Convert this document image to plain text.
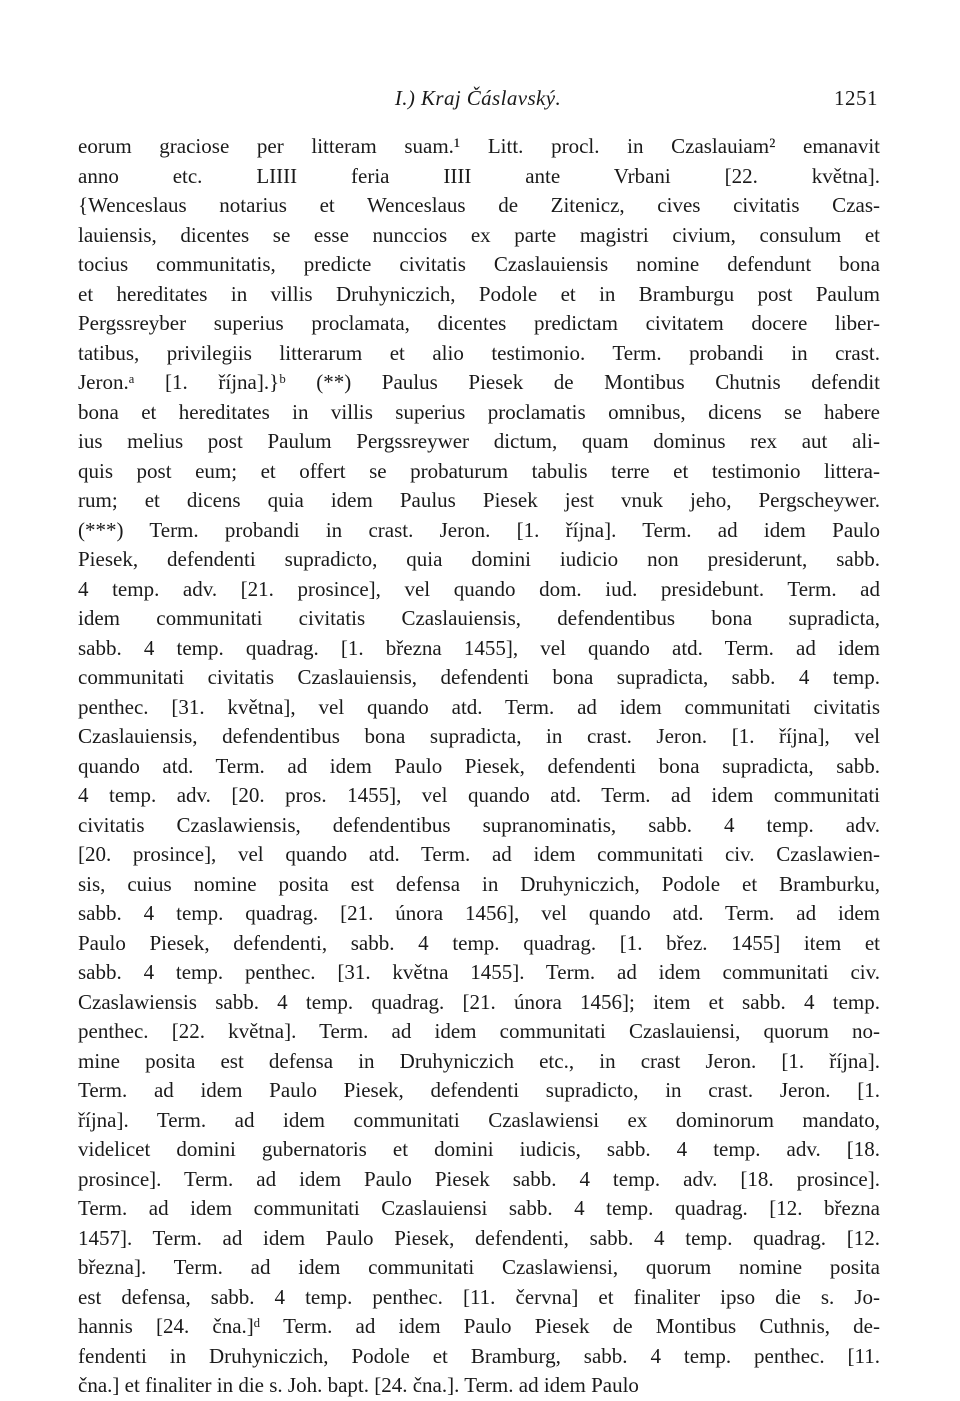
I.) Kraj Čáslavský.	1251
eorum graciose per litteram suam.¹ Litt. procl. in Czaslauiam² emanavit
anno etc. LIIII feria IIII ante Vrbani [22. května].
{Wenceslaus notarius et Wenceslaus de Zitenicz, cives civitatis Czas-
lauiensis, dicentes se esse nunccios ex parte magistri civium, consulum et
tocius communitatis, predicte civitatis Czaslauiensis nomine defendunt bona
et hereditates in villis Druhyniczich, Podole et in Bramburgu post Paulum
Pergssreyber superius proclamata, dicentes predictam civitatem docere liber-
tatibus, privilegiis litterarum et alio testimonio. Term. probandi in crast.
Jeron.ᵃ [1. října].}ᵇ (**) Paulus Piesek de Montibus Chutnis defendit
bona et hereditates in villis superius proclamatis omnibus, dicens se habere
ius melius post Paulum Pergssreywer dictum, quam dominus rex aut ali-
quis post eum; et offert se probaturum tabulis terre et testimonio littera-
rum; et dicens quia idem Paulus Piesek jest vnuk jeho, Pergscheywer.
(***) Term. probandi in crast. Jeron. [1. října]. Term. ad idem Paulo
Piesek, defendenti supradicto, quia domini iudicio non presiderunt, sabb.
4 temp. adv. [21. prosince], vel quando dom. iud. presidebunt. Term. ad
idem communitati civitatis Czaslauiensis, defendentibus bona supradicta,
sabb. 4 temp. quadrag. [1. března 1455], vel quando atd. Term. ad idem
communitati civitatis Czaslauiensis, defendenti bona supradicta, sabb. 4 temp.
penthec. [31. května], vel quando atd. Term. ad idem communitati civitatis
Czaslauiensis, defendentibus bona supradicta, in crast. Jeron. [1. října], vel
quando atd. Term. ad idem Paulo Piesek, defendenti bona supradicta, sabb.
4 temp. adv. [20. pros. 1455], vel quando atd. Term. ad idem communitati
civitatis Czaslawiensis, defendentibus supranominatis, sabb. 4 temp. adv.
[20. prosince], vel quando atd. Term. ad idem communitati civ. Czaslawien-
sis, cuius nomine posita est defensa in Druhyniczich, Podole et Bramburku,
sabb. 4 temp. quadrag. [21. února 1456], vel quando atd. Term. ad idem
Paulo Piesek, defendenti, sabb. 4 temp. quadrag. [1. břez. 1455] item et
sabb. 4 temp. penthec. [31. května 1455]. Term. ad idem communitati civ.
Czaslawiensis sabb. 4 temp. quadrag. [21. února 1456]; item et sabb. 4 temp.
penthec. [22. května]. Term. ad idem communitati Czaslauiensi, quorum no-
mine posita est defensa in Druhyniczich etc., in crast Jeron. [1. října].
Term. ad idem Paulo Piesek, defendenti supradicto, in crast. Jeron. [1.
října]. Term. ad idem communitati Czaslawiensi ex dominorum mandato,
videlicet domini gubernatoris et domini iudicis, sabb. 4 temp. adv. [18.
prosince]. Term. ad idem Paulo Piesek sabb. 4 temp. adv. [18. prosince].
Term. ad idem communitati Czaslauiensi sabb. 4 temp. quadrag. [12. března
1457]. Term. ad idem Paulo Piesek, defendenti, sabb. 4 temp. quadrag. [12.
března]. Term. ad idem communitati Czaslawiensi, quorum nomine posita
est defensa, sabb. 4 temp. penthec. [11. června] et finaliter ipso die s. Jo-
hannis [24. čna.]ᵈ Term. ad idem Paulo Piesek de Montibus Cuthnis, de-
fendenti in Druhyniczich, Podole et Bramburg, sabb. 4 temp. penthec. [11.
čna.] et finaliter in die s. Joh. bapt. [24. čna.]. Term. ad idem Paulo
